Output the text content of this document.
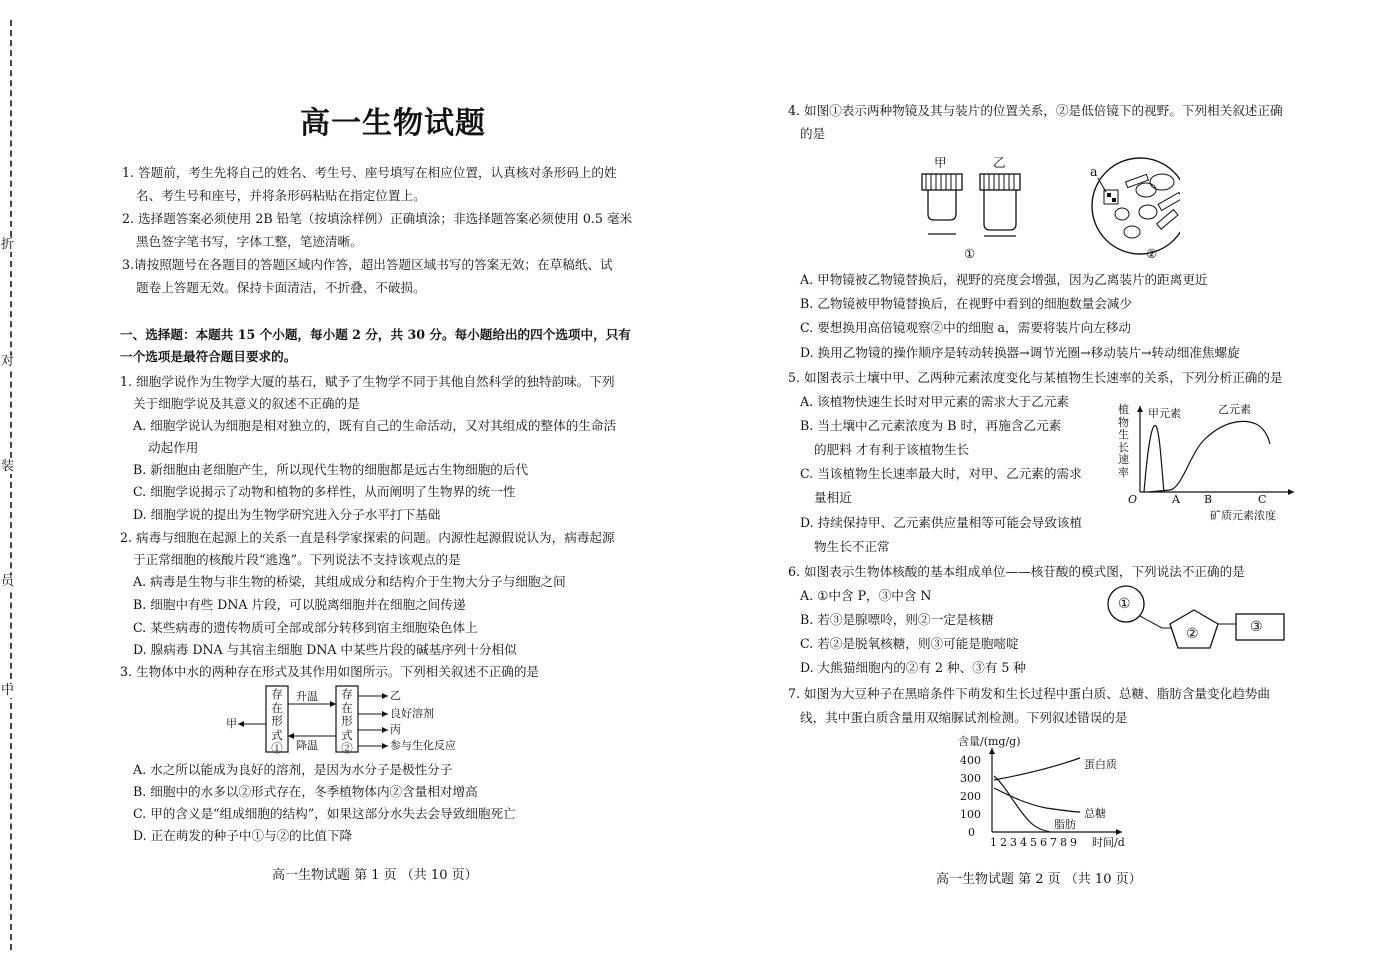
折
对
装
员
中
高一生物试题
1. 答题前，考生先将自己的姓名、考生号、座号填写在相应位置，认真核对条形码上的姓
名、考生号和座号，并将条形码粘贴在指定位置上。
2. 选择题答案必须使用 2B 铅笔（按填涂样例）正确填涂；非选择题答案必须使用 0.5 毫米
黑色签字笔书写，字体工整，笔迹清晰。
3.请按照题号在各题目的答题区域内作答，超出答题区域书写的答案无效；在草稿纸、试
题卷上答题无效。保持卡面清洁，不折叠、不破损。
一、选择题：本题共 15 个小题，每小题 2 分，共 30 分。每小题给出的四个选项中，只有
一个选项是最符合题目要求的。
1. 细胞学说作为生物学大厦的基石，赋予了生物学不同于其他自然科学的独特韵味。下列
关于细胞学说及其意义的叙述不正确的是
A. 细胞学说认为细胞是相对独立的，既有自己的生命活动，又对其组成的整体的生命活
动起作用
B. 新细胞由老细胞产生，所以现代生物的细胞都是远古生物细胞的后代
C. 细胞学说揭示了动物和植物的多样性，从而阐明了生物界的统一性
D. 细胞学说的提出为生物学研究进入分子水平打下基础
2. 病毒与细胞在起源上的关系一直是科学家探索的问题。内源性起源假说认为，病毒起源
于正常细胞的核酸片段“逃逸”。下列说法不支持该观点的是
A. 病毒是生物与非生物的桥梁，其组成成分和结构介于生物大分子与细胞之间
B. 细胞中有些 DNA 片段，可以脱离细胞并在细胞之间传递
C. 某些病毒的遗传物质可全部或部分转移到宿主细胞染色体上
D. 腺病毒 DNA 与其宿主细胞 DNA 中某些片段的碱基序列十分相似
3. 生物体中水的两种存在形式及其作用如图所示。下列相关叙述不正确的是
存在形式①
存在形式②
升温
降温
甲
乙
良好溶剂
丙
参与生化反应
A. 水之所以能成为良好的溶剂，是因为水分子是极性分子
B. 细胞中的水多以②形式存在，冬季植物体内②含量相对增高
C. 甲的含义是“组成细胞的结构”，如果这部分水失去会导致细胞死亡
D. 正在萌发的种子中①与②的比值下降
高一生物试题 第 1 页 （共 10 页）
4. 如图①表示两种物镜及其与装片的位置关系，②是低倍镜下的视野。下列相关叙述正确
的是
甲	乙
a
①	②
A. 甲物镜被乙物镜替换后，视野的亮度会增强，因为乙离装片的距离更近
B. 乙物镜被甲物镜替换后，在视野中看到的细胞数量会减少
C. 要想换用高倍镜观察②中的细胞 a，需要将装片向左移动
D. 换用乙物镜的操作顺序是转动转换器→调节光圈→移动装片→转动细准焦螺旋
5. 如图表示土壤中甲、乙两种元素浓度变化与某植物生长速率的关系，下列分析正确的是
A. 该植物快速生长时对甲元素的需求大于乙元素
B. 当土壤中乙元素浓度为 B 时，再施含乙元素
的肥料 才有利于该植物生长
C. 当该植物生长速率最大时，对甲、乙元素的需求
量相近
D. 持续保持甲、乙元素供应量相等可能会导致该植
物生长不正常
植物生长速率
甲元素	乙元素
O	A B	C
矿质元素浓度
6. 如图表示生物体核酸的基本组成单位——核苷酸的模式图，下列说法不正确的是
A. ①中含 P，③中含 N
B. 若③是腺嘌呤，则②一定是核糖
C. 若②是脱氧核糖，则③可能是胞嘧啶
D. 大熊猫细胞内的②有 2 种、③有 5 种
①
②	③
7. 如图为大豆种子在黑暗条件下萌发和生长过程中蛋白质、总糖、脂肪含量变化趋势曲
线，其中蛋白质含量用双缩脲试剂检测。下列叙述错误的是
含量/(mg/g)
400
300
200
100
0
1 2 3 4 5 6 7 8 9 时间/d
蛋白质
总糖
脂肪
高一生物试题 第 2 页 （共 10 页）
